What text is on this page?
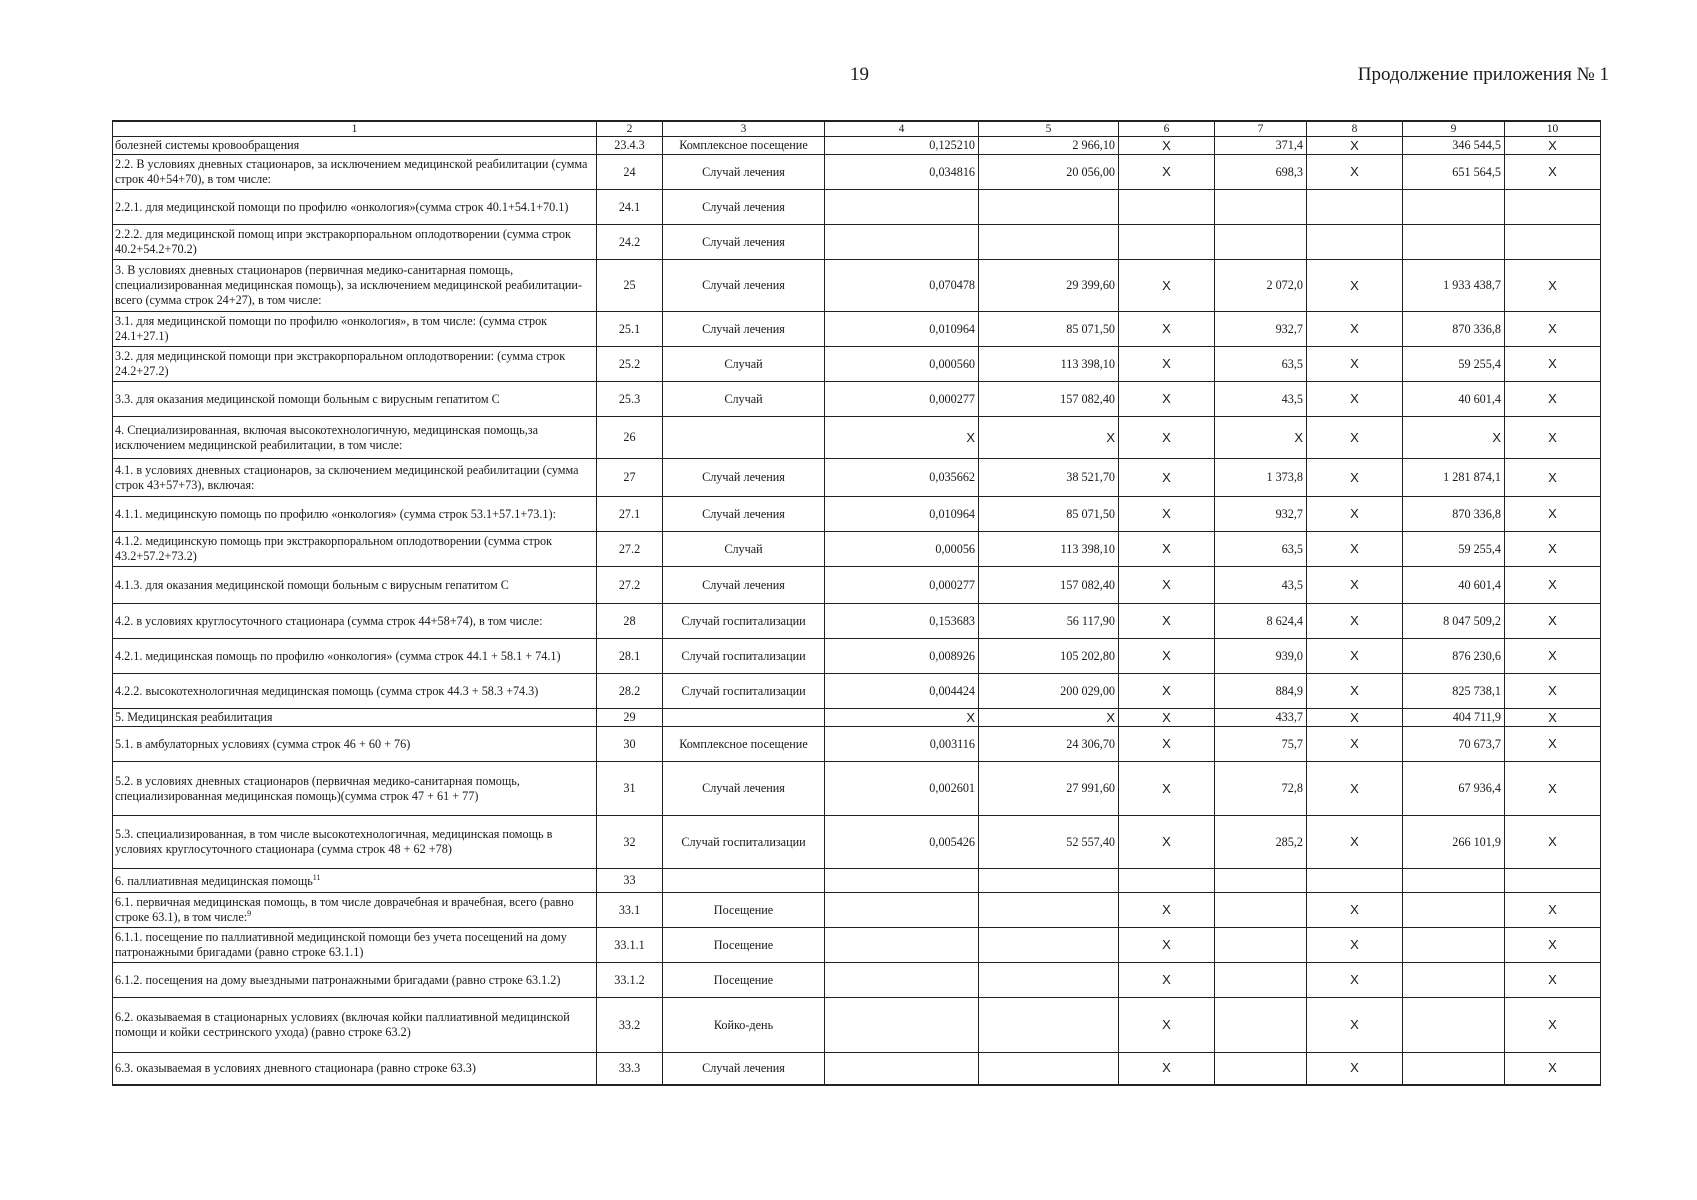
19	Продолжение приложения № 1
1	2	3	4	5	6	7	8	9	10
болезней системы кровообращения	23.4.3	Комплексное посещение	0,125210	2 966,10	X	371,4	X	346 544,5	X
2.2. В условиях дневных стационаров, за исключением медицинской реабилитации (сумма строк 40+54+70), в том числе:	24	Случай лечения	0,034816	20 056,00	X	698,3	X	651 564,5	X
2.2.1. для медицинской помощи по профилю «онкология»(сумма строк 40.1+54.1+70.1)	24.1	Случай лечения							
2.2.2. для медицинской помощ ипри экстракорпоральном оплодотворении (сумма строк 40.2+54.2+70.2)	24.2	Случай лечения							
3. В условиях дневных стационаров (первичная медико-санитарная помощь, специализированная медицинская помощь), за исключением медицинской реабилитации-всего (сумма строк 24+27), в том числе:	25	Случай лечения	0,070478	29 399,60	X	2 072,0	X	1 933 438,7	X
3.1. для медицинской помощи по профилю «онкология», в том числе: (сумма строк 24.1+27.1)	25.1	Случай лечения	0,010964	85 071,50	X	932,7	X	870 336,8	X
3.2. для медицинской помощи при экстракорпоральном оплодотворении: (сумма строк 24.2+27.2)	25.2	Случай	0,000560	113 398,10	X	63,5	X	59 255,4	X
3.3. для оказания медицинской помощи больным с вирусным гепатитом С	25.3	Случай	0,000277	157 082,40	X	43,5	X	40 601,4	X
4. Специализированная, включая высокотехнологичную, медицинская помощь,за исключением медицинской реабилитации, в том числе:	26		X	X	X	X	X	X	X
4.1. в условиях дневных стационаров, за сключением медицинской реабилитации (сумма строк 43+57+73), включая:	27	Случай лечения	0,035662	38 521,70	X	1 373,8	X	1 281 874,1	X
4.1.1. медицинскую помощь по профилю «онкология» (сумма строк 53.1+57.1+73.1):	27.1	Случай лечения	0,010964	85 071,50	X	932,7	X	870 336,8	X
4.1.2. медицинскую помощь при экстракорпоральном оплодотворении (сумма строк 43.2+57.2+73.2)	27.2	Случай	0,00056	113 398,10	X	63,5	X	59 255,4	X
4.1.3. для оказания медицинской помощи больным с вирусным гепатитом С	27.2	Случай лечения	0,000277	157 082,40	X	43,5	X	40 601,4	X
4.2. в условиях круглосуточного стационара (сумма строк 44+58+74), в том числе:	28	Случай госпитализации	0,153683	56 117,90	X	8 624,4	X	8 047 509,2	X
4.2.1. медицинская помощь по профилю «онкология» (сумма строк 44.1 + 58.1 + 74.1)	28.1	Случай госпитализации	0,008926	105 202,80	X	939,0	X	876 230,6	X
4.2.2. высокотехнологичная медицинская помощь (сумма строк 44.3 + 58.3 +74.3)	28.2	Случай госпитализации	0,004424	200 029,00	X	884,9	X	825 738,1	X
5. Медицинская реабилитация	29		X	X	X	433,7	X	404 711,9	X
5.1. в амбулаторных условиях (сумма строк 46 + 60 + 76)	30	Комплексное посещение	0,003116	24 306,70	X	75,7	X	70 673,7	X
5.2. в условиях дневных стационаров (первичная медико-санитарная помощь, специализированная медицинская помощь)(сумма строк 47 + 61 + 77)	31	Случай лечения	0,002601	27 991,60	X	72,8	X	67 936,4	X
5.3. специализированная, в том числе высокотехнологичная, медицинская помощь в условиях круглосуточного стационара (сумма строк 48 + 62 +78)	32	Случай госпитализации	0,005426	52 557,40	X	285,2	X	266 101,9	X
6. паллиативная медицинская помощь$^{11}$	33								
6.1. первичная медицинская помощь, в том числе доврачебная и врачебная, всего (равно строке 63.1), в том числе:$^9$	33.1	Посещение			X		X		X
6.1.1. посещение по паллиативной медицинской помощи без учета посещений на дому патронажными бригадами (равно строке 63.1.1)	33.1.1	Посещение			X		X		X
6.1.2. посещения на дому выездными патронажными бригадами (равно строке 63.1.2)	33.1.2	Посещение			X		X		X
6.2. оказываемая в стационарных условиях (включая койки паллиативной медицинской помощи и койки сестринского ухода) (равно строке 63.2)	33.2	Койко-день			X		X		X
6.3. оказываемая в условиях дневного стационара (равно строке 63.3)	33.3	Случай лечения			X		X		X
